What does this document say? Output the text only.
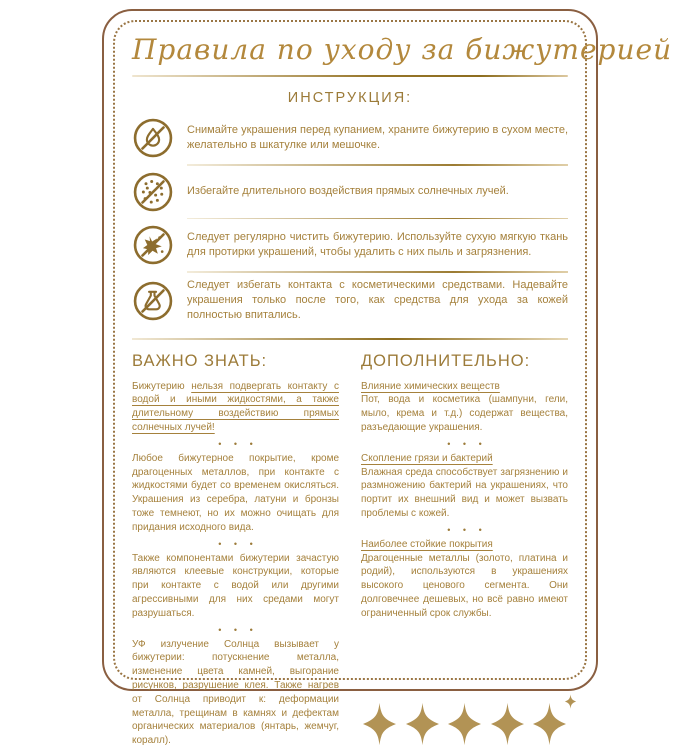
Правила по уходу за бижутерией
ИНСТРУКЦИЯ:
Снимайте украшения перед купанием, храните бижутерию в сухом месте, желательно в шкатулке или мешочке.
Избегайте длительного воздействия прямых солнечных лучей.
Следует регулярно чистить бижутерию. Используйте сухую мягкую ткань для протирки украшений, чтобы удалить с них пыль и загрязнения.
Следует избегать контакта с косметическими средствами. Надевайте украшения только после того, как средства для ухода за кожей полностью впитались.
ВАЖНО ЗНАТЬ:

Бижутерию нельзя подвергать контакту с водой и иными жидкостями, а также длительному воздействию прямых солнечных лучей!

• • •

Любое бижутерное покрытие, кроме драгоценных металлов, при контакте с жидкостями будет со временем окисляться. Украшения из серебра, латуни и бронзы тоже темнеют, но их можно очищать для придания исходного вида.

• • •

Также компонентами бижутерии зачастую являются клеевые конструкции, которые при контакте с водой или другими агрессивными для них средами могут разрушаться.

• • •

УФ излучение Солнца вызывает у бижутерии: потускнение металла, изменение цвета камней, выгорание рисунков, разрушение клея. Также нагрев от Солнца приводит к: деформации металла, трещинам в камнях и дефектам органических материалов (янтарь, жемчуг, коралл).

ДОПОЛНИТЕЛЬНО:

Влияние химических веществ

Пот, вода и косметика (шампуни, гели, мыло, крема и т.д.) содержат вещества, разъедающие украшения.

• • •

Скопление грязи и бактерий

Влажная среда способствует загрязнению и размножению бактерий на украшениях, что портит их внешний вид и может вызвать проблемы с кожей.

• • •

Наиболее стойкие покрытия

Драгоценные металлы (золото, платина и родий), используются в украшениях высокого ценового сегмента. Они долговечнее дешевых, но всё равно имеют ограниченный срок службы.
